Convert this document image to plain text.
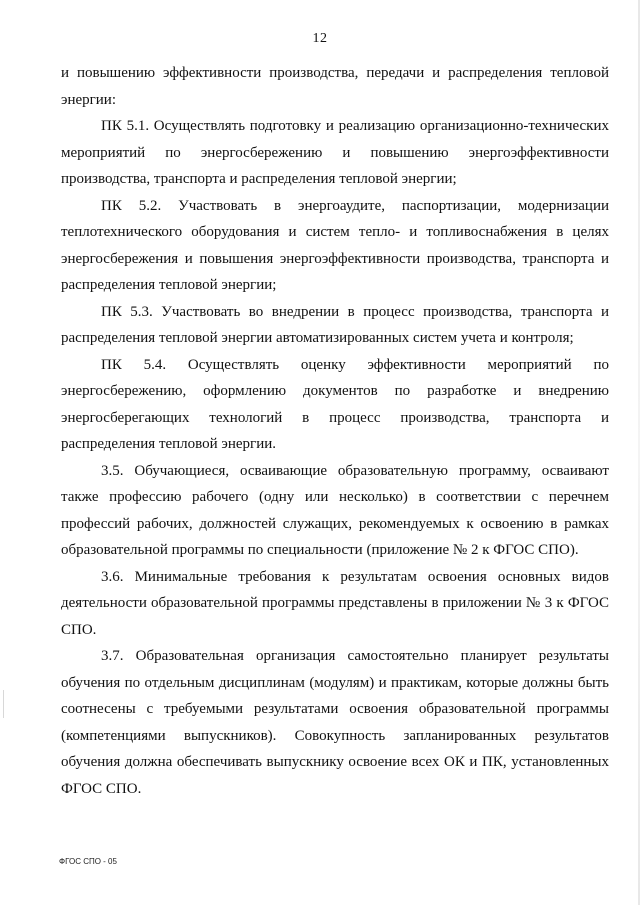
12

и повышению эффективности производства, передачи и распределения тепловой энергии:

ПК 5.1. Осуществлять подготовку и реализацию организационно-технических мероприятий по энергосбережению и повышению энергоэффективности производства, транспорта и распределения тепловой энергии;

ПК 5.2. Участвовать в энергоаудите, паспортизации, модернизации теплотехнического оборудования и систем тепло- и топливоснабжения в целях энергосбережения и повышения энергоэффективности производства, транспорта и распределения тепловой энергии;

ПК 5.3. Участвовать во внедрении в процесс производства, транспорта и распределения тепловой энергии автоматизированных систем учета и контроля;

ПК 5.4. Осуществлять оценку эффективности мероприятий по энергосбережению, оформлению документов по разработке и внедрению энергосберегающих технологий в процесс производства, транспорта и распределения тепловой энергии.

3.5. Обучающиеся, осваивающие образовательную программу, осваивают также профессию рабочего (одну или несколько) в соответствии с перечнем профессий рабочих, должностей служащих, рекомендуемых к освоению в рамках образовательной программы по специальности (приложение № 2 к ФГОС СПО).

3.6. Минимальные требования к результатам освоения основных видов деятельности образовательной программы представлены в приложении № 3 к ФГОС СПО.

3.7. Образовательная организация самостоятельно планирует результаты обучения по отдельным дисциплинам (модулям) и практикам, которые должны быть соотнесены с требуемыми результатами освоения образовательной программы (компетенциями выпускников). Совокупность запланированных результатов обучения должна обеспечивать выпускнику освоение всех ОК и ПК, установленных ФГОС СПО.

ФГОС СПО - 05
